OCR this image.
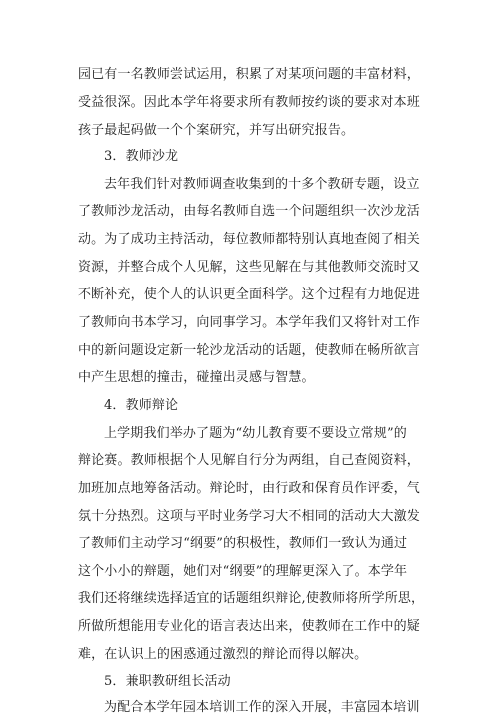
园已有一名教师尝试运用，积累了对某项问题的丰富材料，
受益很深。因此本学年将要求所有教师按约谈的要求对本班
孩子最起码做一个个案研究，并写出研究报告。
3．教师沙龙
去年我们针对教师调查收集到的十多个教研专题，设立
了教师沙龙活动，由每名教师自选一个问题组织一次沙龙活
动。为了成功主持活动，每位教师都特别认真地查阅了相关
资源，并整合成个人见解，这些见解在与其他教师交流时又
不断补充，使个人的认识更全面科学。这个过程有力地促进
了教师向书本学习，向同事学习。本学年我们又将针对工作
中的新问题设定新一轮沙龙活动的话题，使教师在畅所欲言
中产生思想的撞击，碰撞出灵感与智慧。
4．教师辩论
上学期我们举办了题为“幼儿教育要不要设立常规”的
辩论赛。教师根据个人见解自行分为两组，自己查阅资料，
加班加点地筹备活动。辩论时，由行政和保育员作评委，气
氛十分热烈。这项与平时业务学习大不相同的活动大大激发
了教师们主动学习“纲要”的积极性，教师们一致认为通过
这个小小的辩题，她们对“纲要”的理解更深入了。本学年
我们还将继续选择适宜的话题组织辩论,使教师将所学所思，
所做所想能用专业化的语言表达出来，使教师在工作中的疑
难，在认识上的困惑通过激烈的辩论而得以解决。
5．兼职教研组长活动
为配合本学年园本培训工作的深入开展，丰富园本培训
